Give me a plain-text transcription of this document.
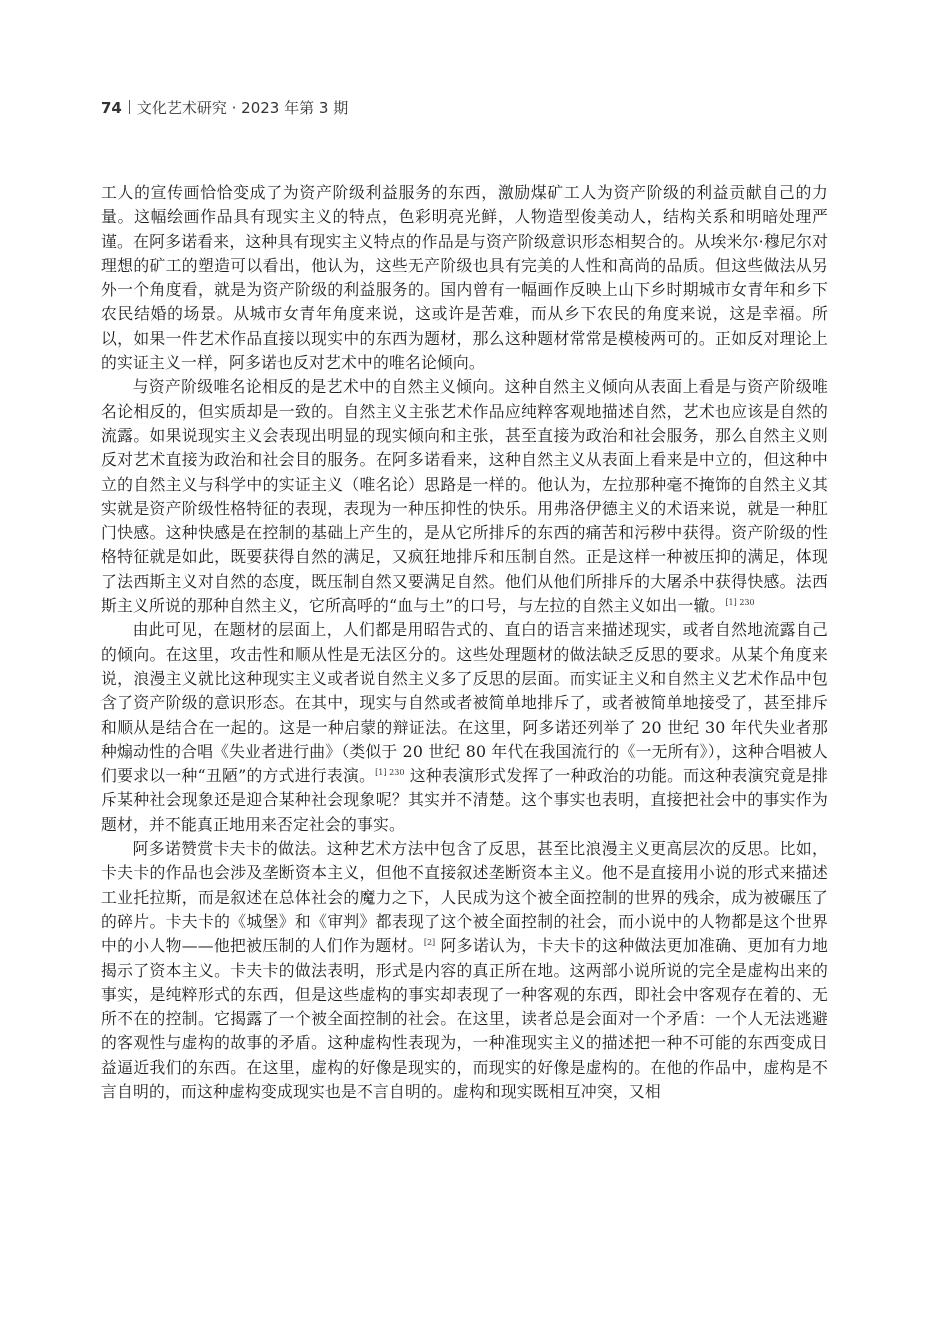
74 文化艺术研究 · 2023 年第 3 期

工人的宣传画恰恰变成了为资产阶级利益服务的东西，激励煤矿工人为资产阶级的利益贡献自己的力量。这幅绘画作品具有现实主义的特点，色彩明亮光鲜，人物造型俊美动人，结构关系和明暗处理严谨。在阿多诺看来，这种具有现实主义特点的作品是与资产阶级意识形态相契合的。从埃米尔·穆尼尔对理想的矿工的塑造可以看出，他认为，这些无产阶级也具有完美的人性和高尚的品质。但这些做法从另外一个角度看，就是为资产阶级的利益服务的。国内曾有一幅画作反映上山下乡时期城市女青年和乡下农民结婚的场景。从城市女青年角度来说，这或许是苦难，而从乡下农民的角度来说，这是幸福。所以，如果一件艺术作品直接以现实中的东西为题材，那么这种题材常常是模棱两可的。正如反对理论上的实证主义一样，阿多诺也反对艺术中的唯名论倾向。

与资产阶级唯名论相反的是艺术中的自然主义倾向。这种自然主义倾向从表面上看是与资产阶级唯名论相反的，但实质却是一致的。自然主义主张艺术作品应纯粹客观地描述自然，艺术也应该是自然的流露。如果说现实主义会表现出明显的现实倾向和主张，甚至直接为政治和社会服务，那么自然主义则反对艺术直接为政治和社会目的服务。在阿多诺看来，这种自然主义从表面上看来是中立的，但这种中立的自然主义与科学中的实证主义（唯名论）思路是一样的。他认为，左拉那种毫不掩饰的自然主义其实就是资产阶级性格特征的表现，表现为一种压抑性的快乐。用弗洛伊德主义的术语来说，就是一种肛门快感。这种快感是在控制的基础上产生的，是从它所排斥的东西的痛苦和污秽中获得。资产阶级的性格特征就是如此，既要获得自然的满足，又疯狂地排斥和压制自然。正是这样一种被压抑的满足，体现了法西斯主义对自然的态度，既压制自然又要满足自然。他们从他们所排斥的大屠杀中获得快感。法西斯主义所说的那种自然主义，它所高呼的“血与土”的口号，与左拉的自然主义如出一辙。$^{[1] 230}$

由此可见，在题材的层面上，人们都是用昭告式的、直白的语言来描述现实，或者自然地流露自己的倾向。在这里，攻击性和顺从性是无法区分的。这些处理题材的做法缺乏反思的要求。从某个角度来说，浪漫主义就比这种现实主义或者说自然主义多了反思的层面。而实证主义和自然主义艺术作品中包含了资产阶级的意识形态。在其中，现实与自然或者被简单地排斥了，或者被简单地接受了，甚至排斥和顺从是结合在一起的。这是一种启蒙的辩证法。在这里，阿多诺还列举了 20 世纪 30 年代失业者那种煽动性的合唱《失业者进行曲》（类似于 20 世纪 80 年代在我国流行的《一无所有》），这种合唱被人们要求以一种“丑陋”的方式进行表演。$^{[1] 230}$ 这种表演形式发挥了一种政治的功能。而这种表演究竟是排斥某种社会现象还是迎合某种社会现象呢？其实并不清楚。这个事实也表明，直接把社会中的事实作为题材，并不能真正地用来否定社会的事实。

阿多诺赞赏卡夫卡的做法。这种艺术方法中包含了反思，甚至比浪漫主义更高层次的反思。比如，卡夫卡的作品也会涉及垄断资本主义，但他不直接叙述垄断资本主义。他不是直接用小说的形式来描述工业托拉斯，而是叙述在总体社会的魔力之下，人民成为这个被全面控制的世界的残余，成为被碾压了的碎片。卡夫卡的《城堡》和《审判》都表现了这个被全面控制的社会，而小说中的人物都是这个世界中的小人物——他把被压制的人们作为题材。[2] 阿多诺认为，卡夫卡的这种做法更加准确、更加有力地揭示了资本主义。卡夫卡的做法表明，形式是内容的真正所在地。这两部小说所说的完全是虚构出来的事实，是纯粹形式的东西，但是这些虚构的事实却表现了一种客观的东西，即社会中客观存在着的、无所不在的控制。它揭露了一个被全面控制的社会。在这里，读者总是会面对一个矛盾：一个人无法逃避的客观性与虚构的故事的矛盾。这种虚构性表现为，一种准现实主义的描述把一种不可能的东西变成日益逼近我们的东西。在这里，虚构的好像是现实的，而现实的好像是虚构的。在他的作品中，虚构是不言自明的，而这种虚构变成现实也是不言自明的。虚构和现实既相互冲突，又相
